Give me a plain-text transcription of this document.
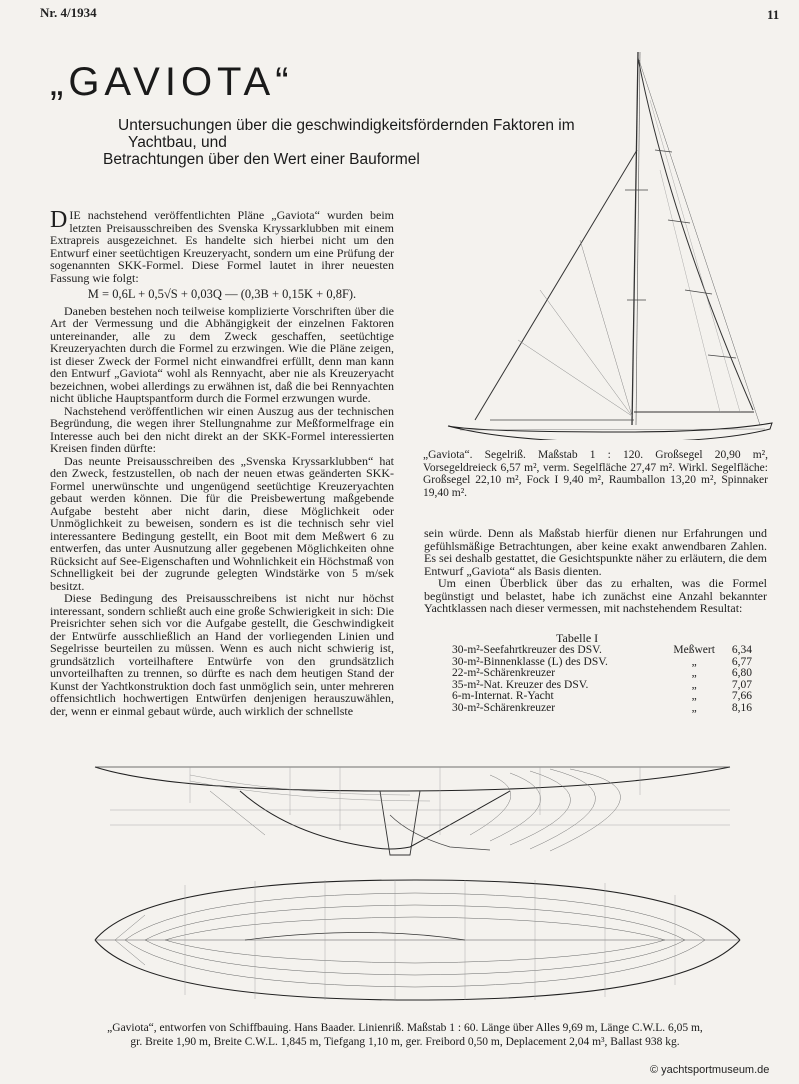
Nr. 4/1934	11
„GAVIOTA“
Untersuchungen über die geschwindigkeitsfördernden Faktoren im
Yachtbau, und
Betrachtungen über den Wert einer Bauformel

DIE nachstehend veröffentlichten Pläne „Gaviota“ wurden beim letzten Preisausschreiben des Svenska Kryssarklubben mit einem Extrapreis ausgezeichnet. Es handelte sich hierbei nicht um den Entwurf einer seetüchtigen Kreuzeryacht, sondern um eine Prüfung der sogenannten SKK-Formel. Diese Formel lautet in ihrer neuesten Fassung wie folgt:

M = 0,6L + 0,5√S + 0,03Q — (0,3B + 0,15K + 0,8F).

Daneben bestehen noch teilweise komplizierte Vorschriften über die Art der Vermessung und die Abhängigkeit der einzelnen Faktoren untereinander, alle zu dem Zweck geschaffen, seetüchtige Kreuzeryachten durch die Formel zu erzwingen. Wie die Pläne zeigen, ist dieser Zweck der Formel nicht einwandfrei erfüllt, denn man kann den Entwurf „Gaviota“ wohl als Rennyacht, aber nie als Kreuzeryacht bezeichnen, wobei allerdings zu erwähnen ist, daß die bei Rennyachten nicht übliche Hauptspantform durch die Formel erzwungen wurde.

Nachstehend veröffentlichen wir einen Auszug aus der technischen Begründung, die wegen ihrer Stellungnahme zur Meßformelfrage ein Interesse auch bei den nicht direkt an der SKK-Formel interessierten Kreisen finden dürfte:

Das neunte Preisausschreiben des „Svenska Kryssarklubben“ hat den Zweck, festzustellen, ob nach der neuen etwas geänderten SKK-Formel unerwünschte und ungenügend seetüchtige Kreuzeryachten gebaut werden können. Die für die Preisbewertung maßgebende Aufgabe besteht aber nicht darin, diese Möglichkeit oder Unmöglichkeit zu beweisen, sondern es ist die technisch sehr viel interessantere Bedingung gestellt, ein Boot mit dem Meßwert 6 zu entwerfen, das unter Ausnutzung aller gegebenen Möglichkeiten ohne Rücksicht auf See-Eigenschaften und Wohnlichkeit ein Höchstmaß von Schnelligkeit bei der zugrunde gelegten Windstärke von 5 m/sek besitzt.

Diese Bedingung des Preisausschreibens ist nicht nur höchst interessant, sondern schließt auch eine große Schwierigkeit in sich: Die Preisrichter sehen sich vor die Aufgabe gestellt, die Geschwindigkeit der Entwürfe ausschließlich an Hand der vorliegenden Linien und Segelrisse beurteilen zu müssen. Wenn es auch nicht schwierig ist, grundsätzlich vorteilhaftere Entwürfe von den grundsätzlich unvorteilhaften zu trennen, so dürfte es nach dem heutigen Stand der Kunst der Yachtkonstruktion doch fast unmöglich sein, unter mehreren offensichtlich hochwertigen Entwürfen denjenigen herauszuwählen, der, wenn er einmal gebaut würde, auch wirklich der schnellste

„Gaviota“. Segelriß. Maßstab 1 : 120. Großsegel 20,90 m², Vorsegeldreieck 6,57 m², verm. Segelfläche 27,47 m². Wirkl. Segelfläche: Großsegel 22,10 m², Fock I 9,40 m², Raumballon 13,20 m², Spinnaker 19,40 m².

sein würde. Denn als Maßstab hierfür dienen nur Erfahrungen und gefühlsmäßige Betrachtungen, aber keine exakt anwendbaren Zahlen. Es sei deshalb gestattet, die Gesichtspunkte näher zu erläutern, die dem Entwurf „Gaviota“ als Basis dienten.

Um einen Überblick über das zu erhalten, was die Formel begünstigt und belastet, habe ich zunächst eine Anzahl bekannter Yachtklassen nach dieser vermessen, mit nachstehendem Resultat:

Tabelle I
30-m²-Seefahrtkreuzer des DSV.	Meßwert	6,34
30-m²-Binnenklasse (L) des DSV.	„	6,77
22-m²-Schärenkreuzer	„	6,80
35-m²-Nat. Kreuzer des DSV.	„	7,07
6-m-Internat. R-Yacht	„	7,66
30-m²-Schärenkreuzer	„	8,16
„Gaviota“, entworfen von Schiffbauing. Hans Baader. Linienriß. Maßstab 1 : 60. Länge über Alles 9,69 m, Länge C.W.L. 6,05 m,
gr. Breite 1,90 m, Breite C.W.L. 1,845 m, Tiefgang 1,10 m, ger. Freibord 0,50 m, Deplacement 2,04 m³, Ballast 938 kg.
© yachtsportmuseum.de
